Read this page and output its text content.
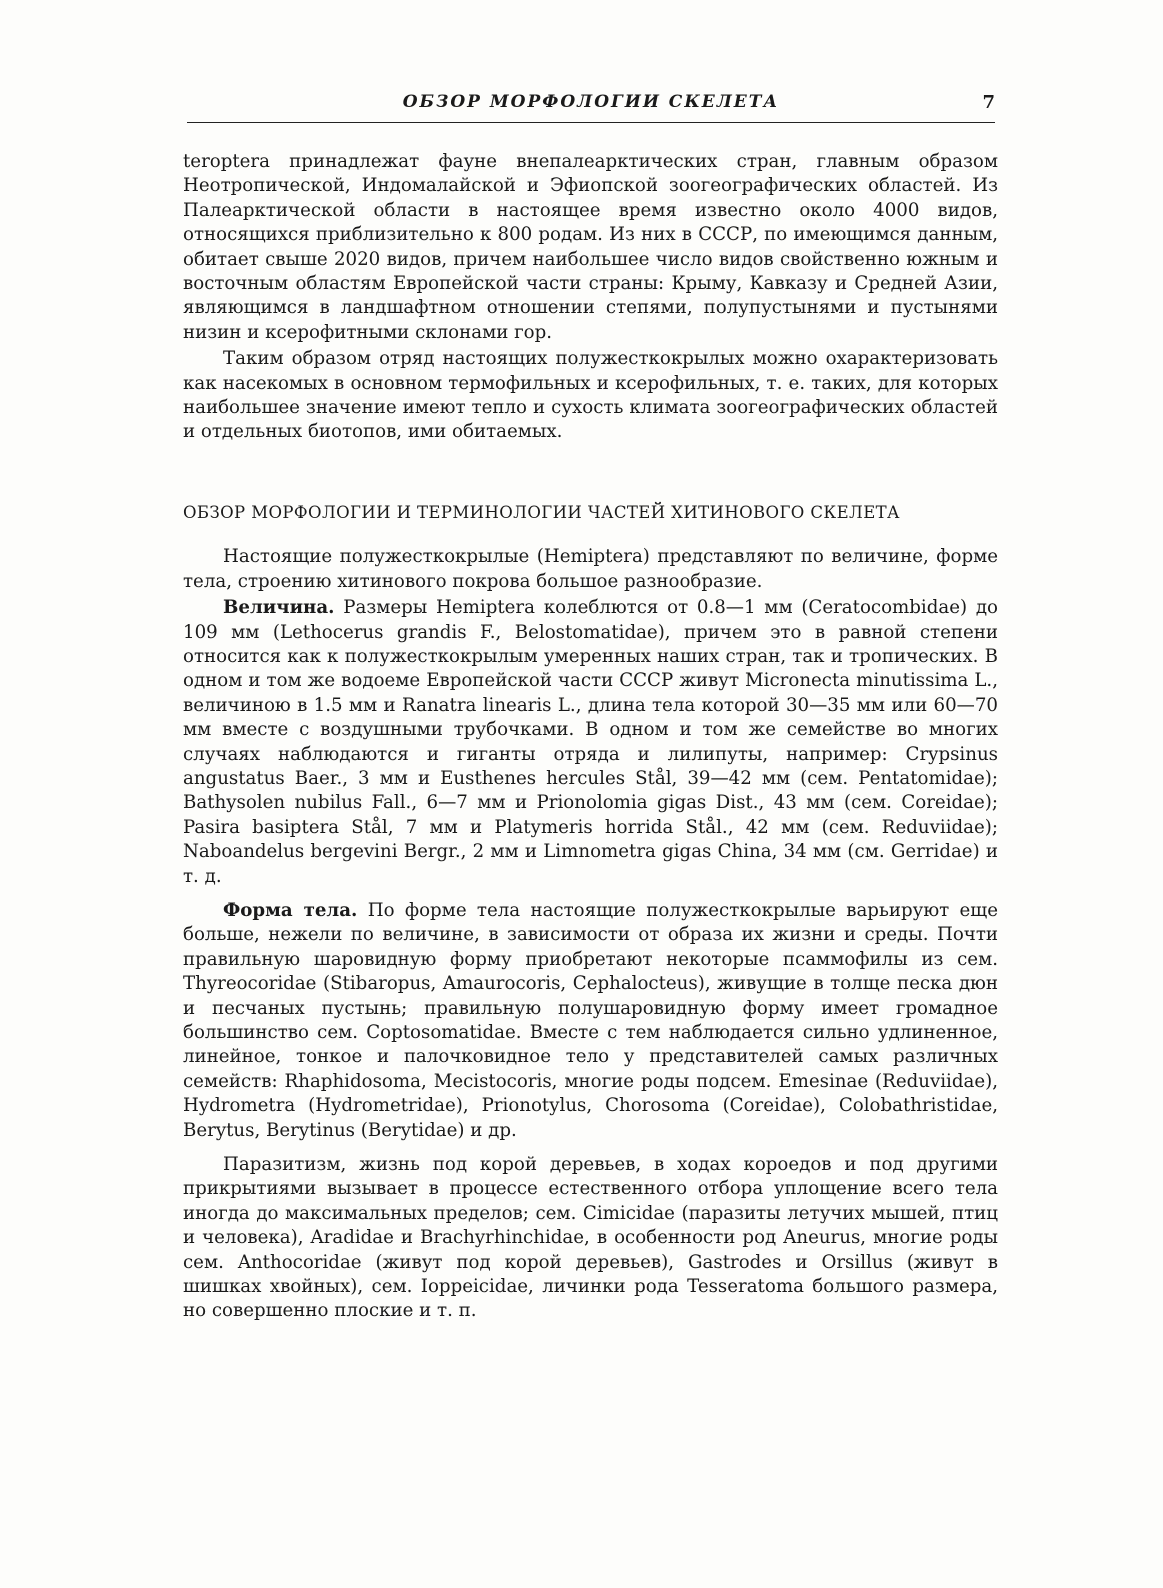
ОБЗОР МОРФОЛОГИИ СКЕЛЕТА	7

teroptera принадлежат фауне внепалеарктических стран, главным образом Неотропической, Индомалайской и Эфиопской зоогеографических областей. Из Палеарктической области в настоящее время известно около 4000 видов, относящихся приблизительно к 800 родам. Из них в СССР, по имеющимся данным, обитает свыше 2020 видов, причем наибольшее число видов свойственно южным и восточным областям Европейской части страны: Крыму, Кавказу и Средней Азии, являющимся в ландшафтном отношении степями, полупустынями и пустынями низин и ксерофитными склонами гор.

Таким образом отряд настоящих полужесткокрылых можно охарактеризовать как насекомых в основном термофильных и ксерофильных, т. е. таких, для которых наибольшее значение имеют тепло и сухость климата зоогеографических областей и отдельных биотопов, ими обитаемых.

ОБЗОР МОРФОЛОГИИ И ТЕРМИНОЛОГИИ ЧАСТЕЙ ХИТИНОВОГО СКЕЛЕТА

Настоящие полужесткокрылые (Hemiptera) представляют по величине, форме тела, строению хитинового покрова большое разнообразие.

Величина. Размеры Hemiptera колеблются от 0.8—1 мм (Ceratocombidae) до 109 мм (Lethocerus grandis F., Belostomatidae), причем это в равной степени относится как к полужесткокрылым умеренных наших стран, так и тропических. В одном и том же водоеме Европейской части СССР живут Micronecta minutissima L., величиною в 1.5 мм и Ranatra linearis L., длина тела которой 30—35 мм или 60—70 мм вместе с воздушными трубочками. В одном и том же семействе во многих случаях наблюдаются и гиганты отряда и лилипуты, например: Crypsinus angustatus Baer., 3 мм и Eusthenes hercules Stål, 39—42 мм (сем. Pentatomidae); Bathysolen nubilus Fall., 6—7 мм и Prionolomia gigas Dist., 43 мм (сем. Coreidae); Pasira basiptera Stål, 7 мм и Platymeris horrida Stål., 42 мм (сем. Reduviidae); Naboandelus bergevini Bergr., 2 мм и Limnometra gigas China, 34 мм (см. Gerridae) и т. д.

Форма тела. По форме тела настоящие полужесткокрылые варьируют еще больше, нежели по величине, в зависимости от образа их жизни и среды. Почти правильную шаровидную форму приобретают некоторые псаммофилы из сем. Thyreocoridae (Stibaropus, Amaurocoris, Cephalocteus), живущие в толще песка дюн и песчаных пустынь; правильную полушаровидную форму имеет громадное большинство сем. Coptosomatidae. Вместе с тем наблюдается сильно удлиненное, линейное, тонкое и палочковидное тело у представителей самых различных семейств: Rhaphidosoma, Mecistocoris, многие роды подсем. Emesinae (Reduviidae), Hydrometra (Hydrometridae), Prionotylus, Chorosoma (Coreidae), Colobathristidae, Berytus, Berytinus (Berytidae) и др.

Паразитизм, жизнь под корой деревьев, в ходах короедов и под другими прикрытиями вызывает в процессе естественного отбора уплощение всего тела иногда до максимальных пределов; сем. Cimicidae (паразиты летучих мышей, птиц и человека), Aradidae и Brachyrhinchidae, в особенности род Aneurus, многие роды сем. Anthocoridae (живут под корой деревьев), Gastrodes и Orsillus (живут в шишках хвойных), сем. Ioppeicidae, личинки рода Tesseratoma большого размера, но совершенно плоские и т. п.
